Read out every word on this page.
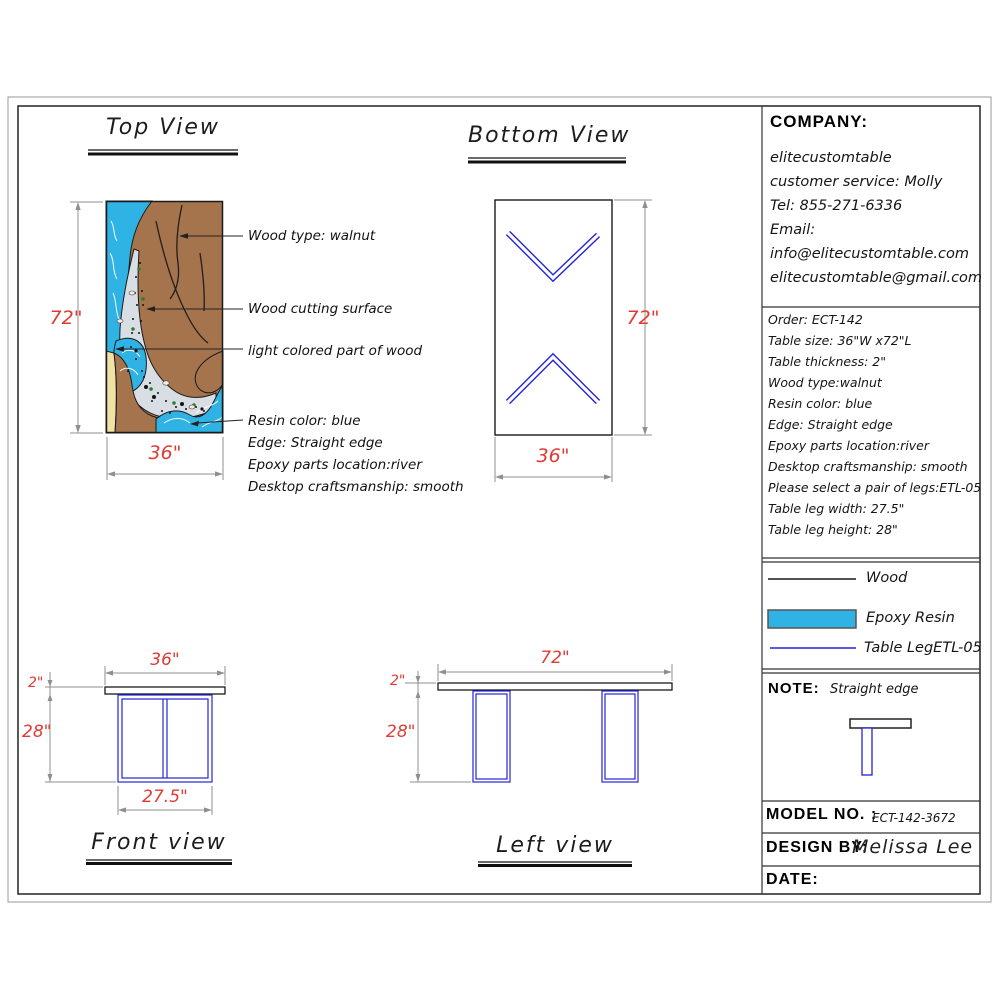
Top View	Bottom View
Front view	Left view
72"
36"
72"
36"
36"
2"
28"
27.5"
72"
2"
28"
Wood type: walnut
Wood cutting surface
light colored part of wood
Resin color: blue
Edge: Straight edge
Epoxy parts location:river
Desktop craftsmanship: smooth
COMPANY:
elitecustomtable
customer service: Molly
Tel: 855-271-6336
Email:
info@elitecustomtable.com
elitecustomtable@gmail.com
Order: ECT-142
Table size: 36"W x72"L
Table thickness: 2"
Wood type:walnut
Resin color: blue
Edge: Straight edge
Epoxy parts location:river
Desktop craftsmanship: smooth
Please select a pair of legs:ETL-05
Table leg width: 27.5"
Table leg height: 28"
Wood
Epoxy Resin
Table LegETL-05
NOTE: Straight edge
MODEL NO. :
ECT-142-3672
DESIGN BY:
Melissa Lee
DATE:
